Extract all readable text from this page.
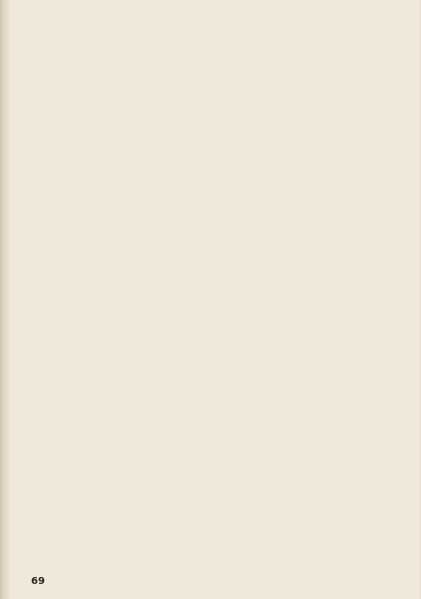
69
